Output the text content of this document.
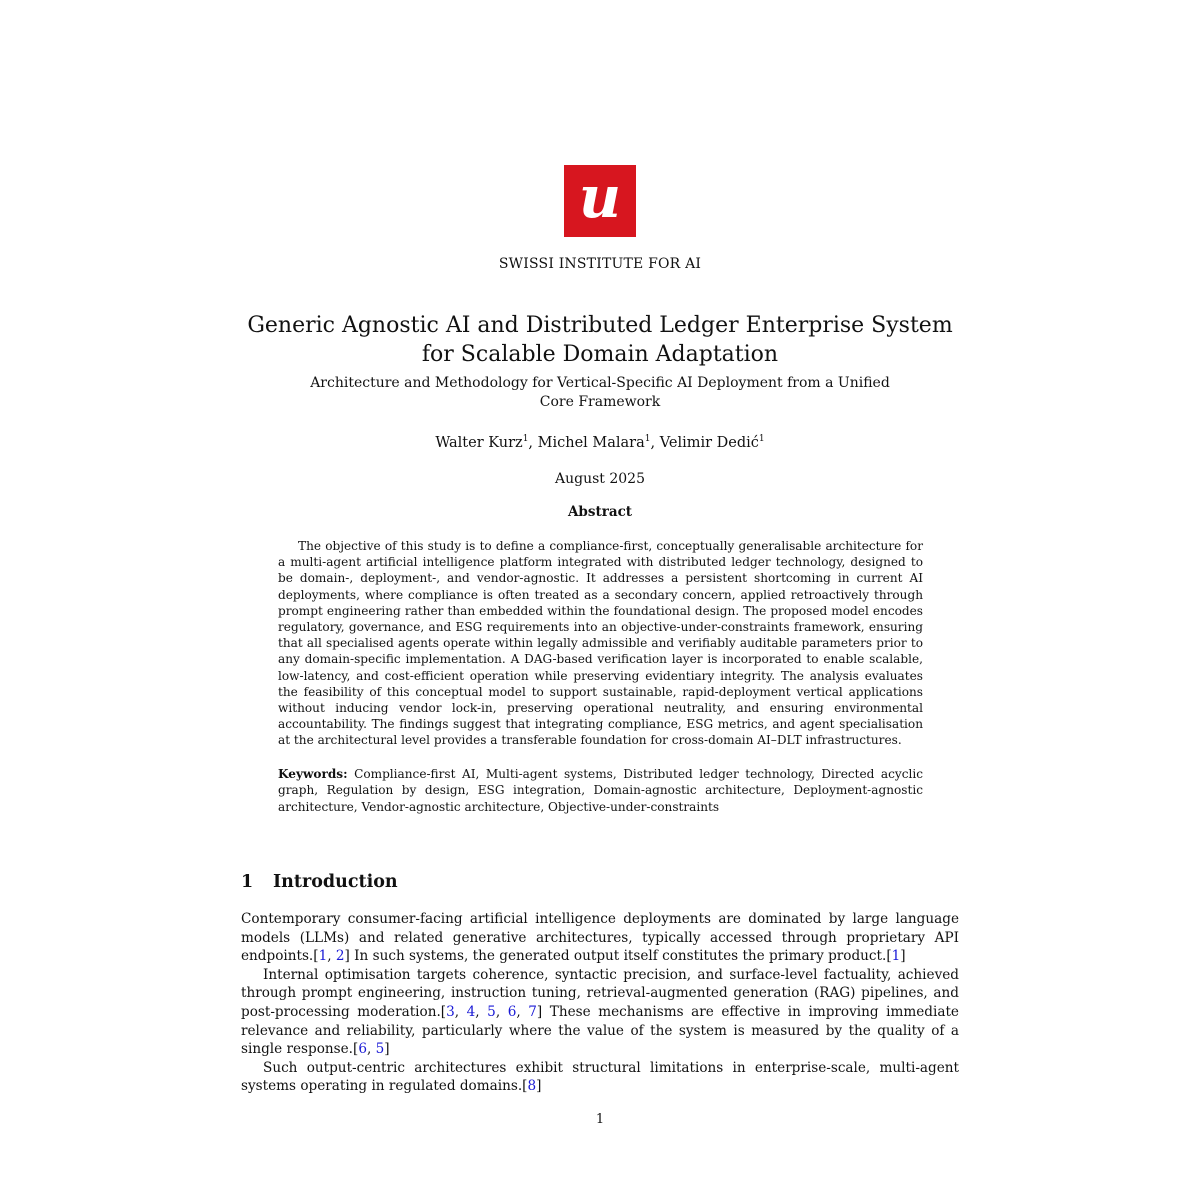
u
SWISSI INSTITUTE FOR AI
Generic Agnostic AI and Distributed Ledger Enterprise System
for Scalable Domain Adaptation
Architecture and Methodology for Vertical-Specific AI Deployment from a Unified Core Framework
Walter Kurz$^1$, Michel Malara$^1$, Velimir Dedić$^1$
August 2025
Abstract

The objective of this study is to define a compliance-first, conceptually generalisable architecture for a multi-agent artificial intelligence platform integrated with distributed ledger technology, designed to be domain-, deployment-, and vendor-agnostic. It addresses a persistent shortcoming in current AI deployments, where compliance is often treated as a secondary concern, applied retroactively through prompt engineering rather than embedded within the foundational design. The proposed model encodes regulatory, governance, and ESG requirements into an objective-under-constraints framework, ensuring that all specialised agents operate within legally admissible and verifiably auditable parameters prior to any domain-specific implementation. A DAG-based verification layer is incorporated to enable scalable, low-latency, and cost-efficient operation while preserving evidentiary integrity. The analysis evaluates the feasibility of this conceptual model to support sustainable, rapid-deployment vertical applications without inducing vendor lock-in, preserving operational neutrality, and ensuring environmental accountability. The findings suggest that integrating compliance, ESG metrics, and agent specialisation at the architectural level provides a transferable foundation for cross-domain AI–DLT infrastructures.

Keywords: Compliance-first AI, Multi-agent systems, Distributed ledger technology, Directed acyclic graph, Regulation by design, ESG integration, Domain-agnostic architecture, Deployment-agnostic architecture, Vendor-agnostic architecture, Objective-under-constraints

1 Introduction

Contemporary consumer-facing artificial intelligence deployments are dominated by large language models (LLMs) and related generative architectures, typically accessed through proprietary API endpoints.[1, 2] In such systems, the generated output itself constitutes the primary product.[1]

Internal optimisation targets coherence, syntactic precision, and surface-level factuality, achieved through prompt engineering, instruction tuning, retrieval-augmented generation (RAG) pipelines, and post-processing moderation.[3, 4, 5, 6, 7] These mechanisms are effective in improving immediate relevance and reliability, particularly where the value of the system is measured by the quality of a single response.[6, 5]

Such output-centric architectures exhibit structural limitations in enterprise-scale, multi-agent systems operating in regulated domains.[8]

1
